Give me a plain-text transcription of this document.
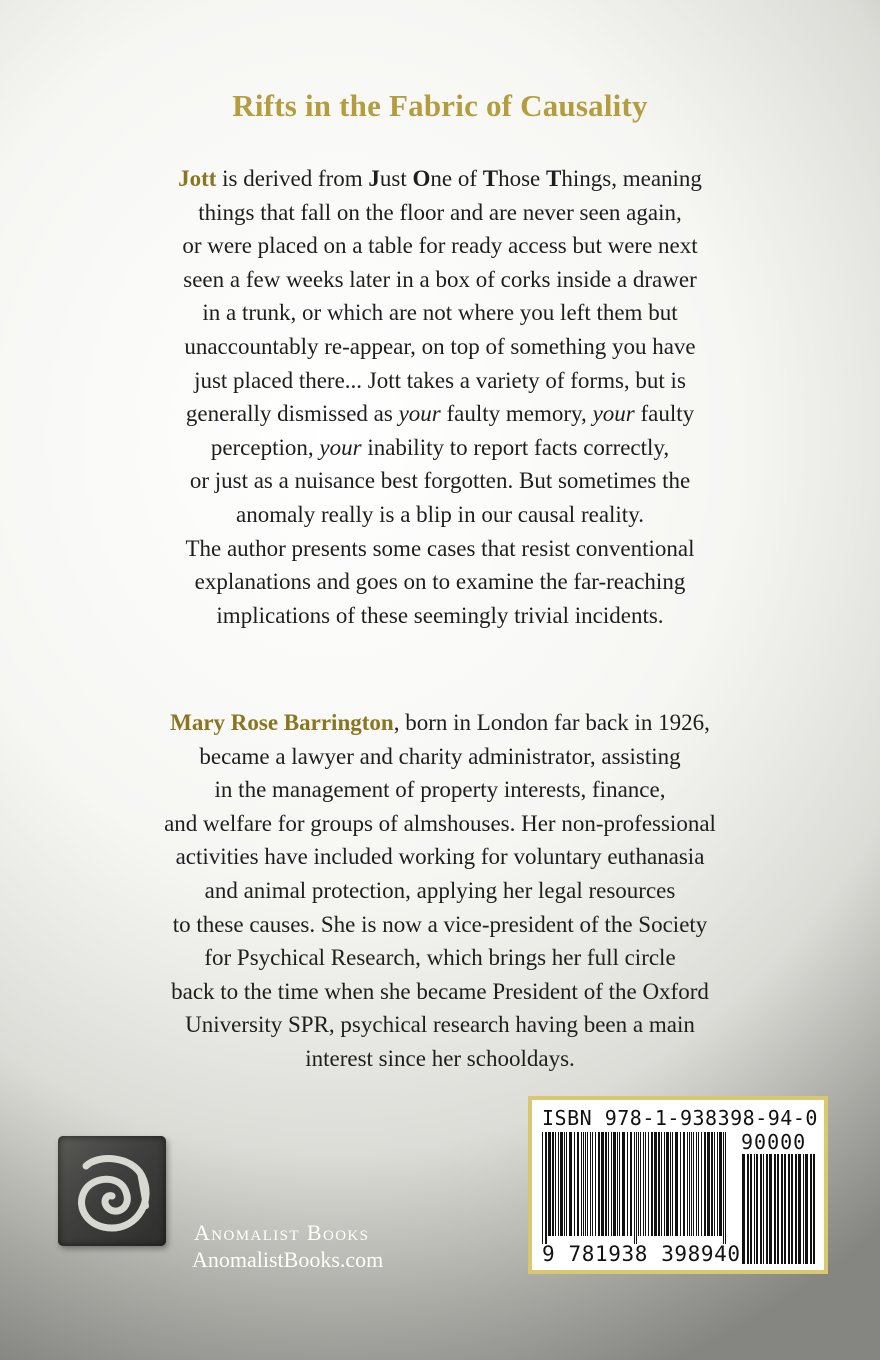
Rifts in the Fabric of Causality
Jott is derived from Just One of Those Things, meaning
things that fall on the floor and are never seen again,
or were placed on a table for ready access but were next
seen a few weeks later in a box of corks inside a drawer
in a trunk, or which are not where you left them but
unaccountably re-appear, on top of something you have
just placed there... Jott takes a variety of forms, but is
generally dismissed as your faulty memory, your faulty
perception, your inability to report facts correctly,
or just as a nuisance best forgotten. But sometimes the
anomaly really is a blip in our causal reality.
The author presents some cases that resist conventional
explanations and goes on to examine the far-reaching
implications of these seemingly trivial incidents.
Mary Rose Barrington, born in London far back in 1926,
became a lawyer and charity administrator, assisting
in the management of property interests, finance,
and welfare for groups of almshouses. Her non-professional
activities have included working for voluntary euthanasia
and animal protection, applying her legal resources
to these causes. She is now a vice-president of the Society
for Psychical Research, which brings her full circle
back to the time when she became President of the Oxford
University SPR, psychical research having been a main
interest since her schooldays.
Anomalist Books
AnomalistBooks.com
ISBN 978-1-938398-94-0
90000
9 781938 398940
